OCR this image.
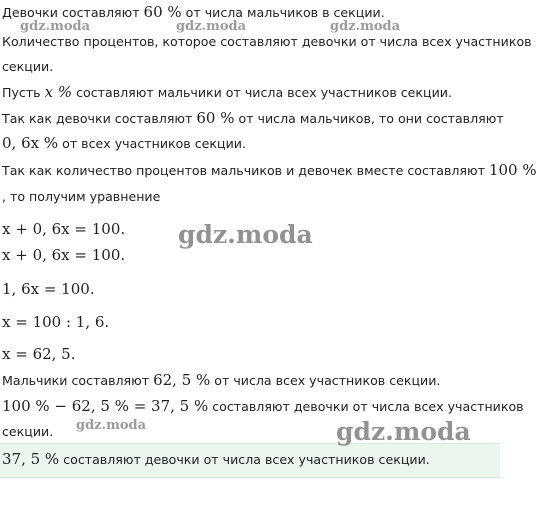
Девочки составляют 60 % от числа мальчиков в секции.
Количество процентов, которое составляют девочки от числа всех участников
секции.
Пусть x % составляют мальчики от числа всех участников секции.
Так как девочки составляют 60 % от числа мальчиков, то они составляют
0, 6x % от всех участников секции.
Так как количество процентов мальчиков и девочек вместе составляют 100 %
, то получим уравнение
x + 0, 6x = 100.
x + 0, 6x = 100.
1, 6x = 100.
x = 100 : 1, 6.
x = 62, 5.
Мальчики составляют 62, 5 % от числа всех участников секции.
100 % − 62, 5 % = 37, 5 % составляют девочки от числа всех участников
секции.
37, 5 % составляют девочки от числа всех участников секции.
gdz.moda	gdz.moda	gdz.moda
gdz.moda
gdz.moda	gdz.moda
